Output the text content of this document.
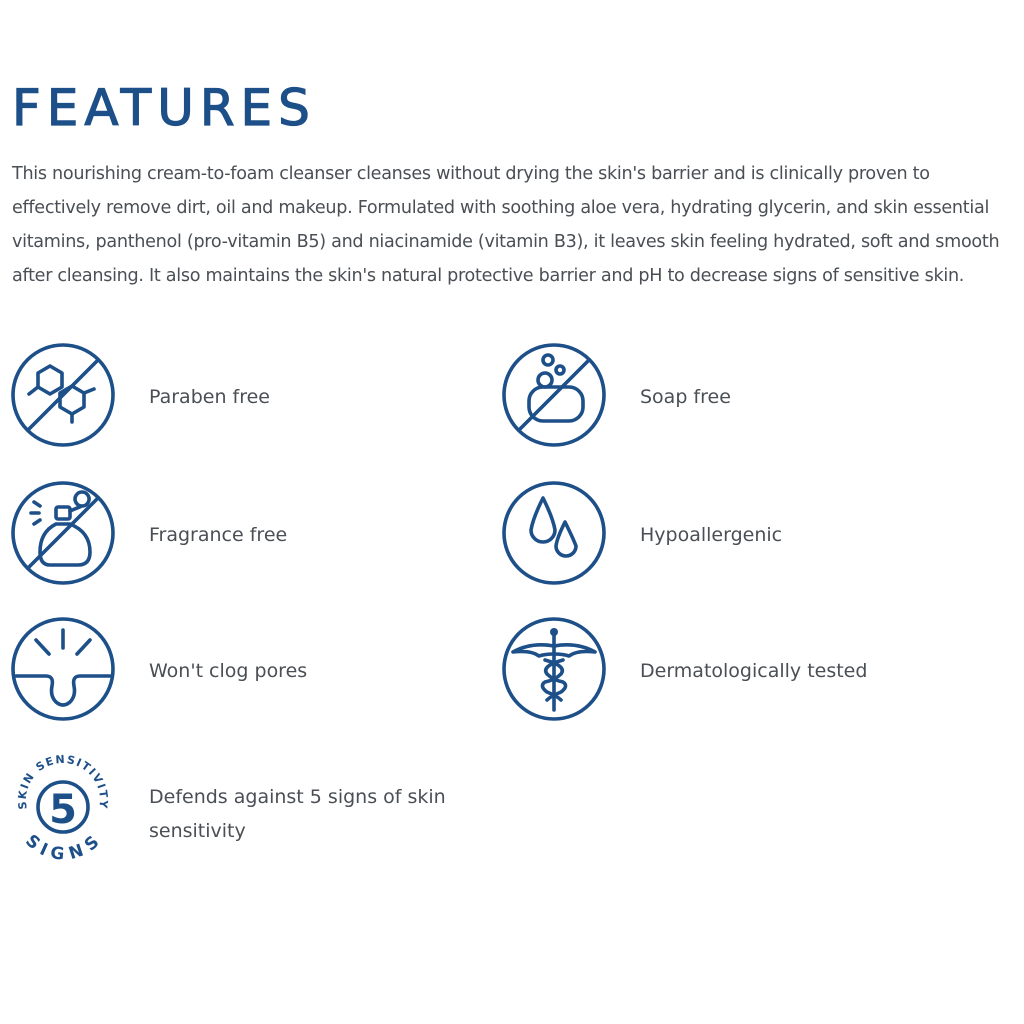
FEATURES

This nourishing cream-to-foam cleanser cleanses without drying the skin's barrier and is clinically proven to effectively remove dirt, oil and makeup. Formulated with soothing aloe vera, hydrating glycerin, and skin essential vitamins, panthenol (pro-vitamin B5) and niacinamide (vitamin B3), it leaves skin feeling hydrated, soft and smooth after cleansing. It also maintains the skin's natural protective barrier and pH to decrease signs of sensitive skin.

Paraben free	Soap free
Fragrance free	Hypoallergenic
Won't clog pores	Dermatologically tested
5
SKIN SENSITIVITY
SIGNS
Defends against 5 signs of skin sensitivity
